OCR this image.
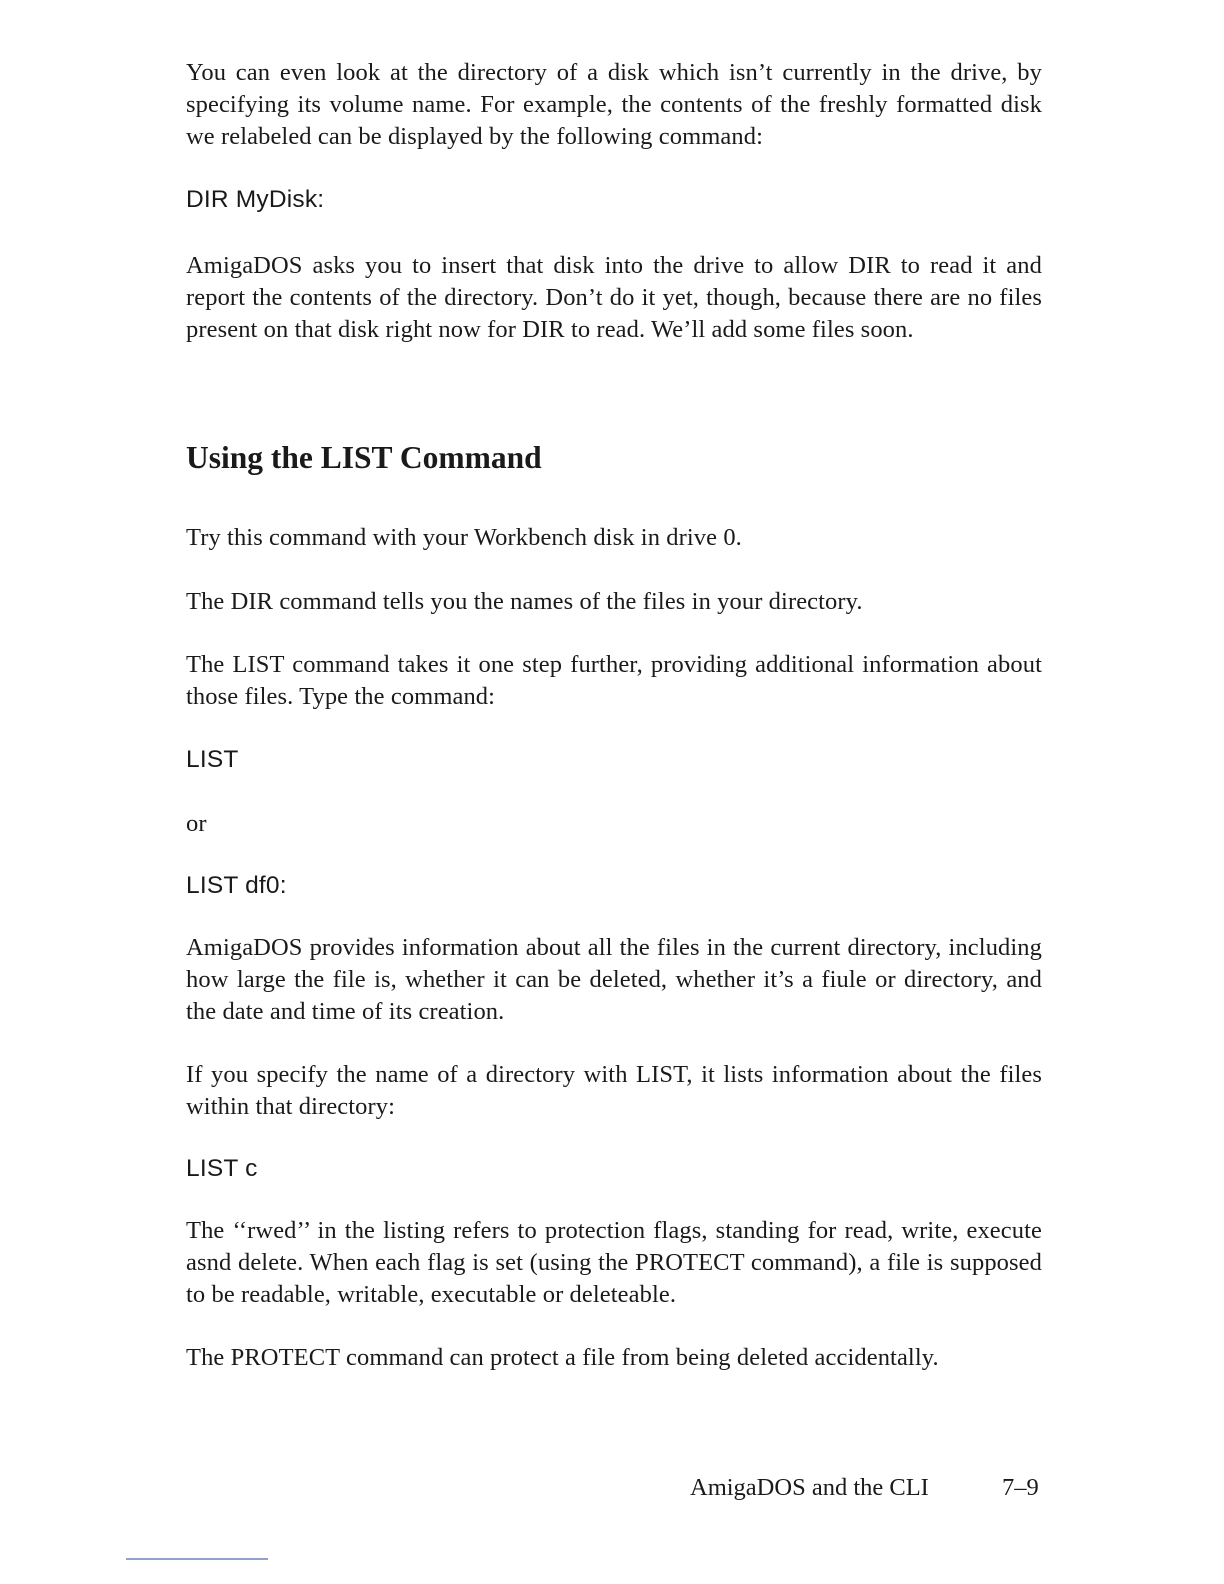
You can even look at the directory of a disk which isn’t currently in the drive, by specifying its volume name. For example, the contents of the freshly formatted disk we relabeled can be displayed by the following command:

DIR MyDisk:

AmigaDOS asks you to insert that disk into the drive to allow DIR to read it and report the contents of the directory. Don’t do it yet, though, because there are no files present on that disk right now for DIR to read. We’ll add some files soon.

Using the LIST Command

Try this command with your Workbench disk in drive 0.

The DIR command tells you the names of the files in your directory.

The LIST command takes it one step further, providing additional information about those files. Type the command:

LIST

or

LIST df0:

AmigaDOS provides information about all the files in the current directory, including how large the file is, whether it can be deleted, whether it’s a fiule or directory, and the date and time of its creation.

If you specify the name of a directory with LIST, it lists information about the files within that directory:

LIST c

The ‘‘rwed’’ in the listing refers to protection flags, standing for read, write, execute asnd delete. When each flag is set (using the PROTECT command), a file is supposed to be readable, writable, executable or deleteable.

The PROTECT command can protect a file from being deleted accidentally.

AmigaDOS and the CLI	7–9
